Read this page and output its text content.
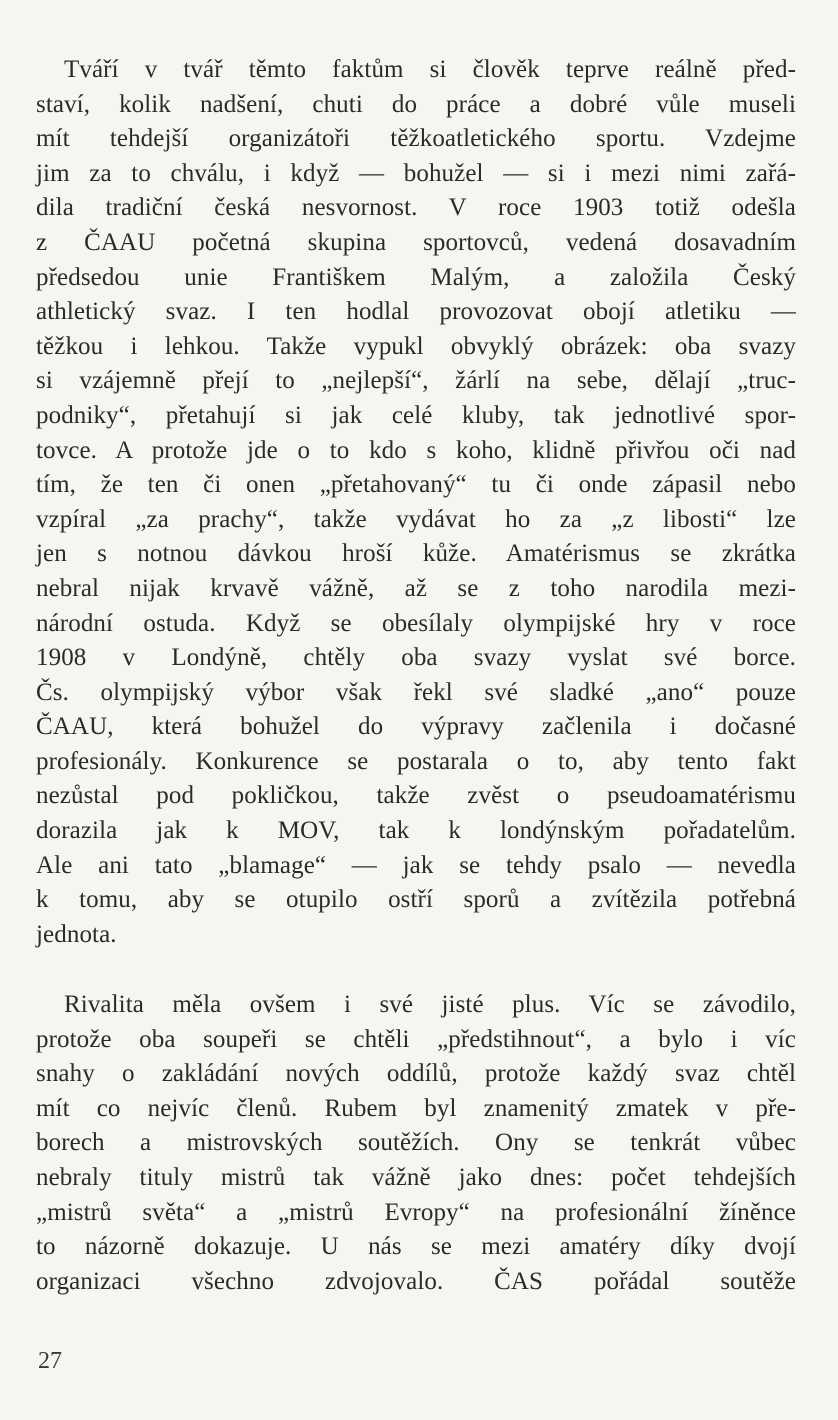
Tváří v tvář těmto faktům si člověk teprve reálně před-
staví, kolik nadšení, chuti do práce a dobré vůle museli
mít tehdejší organizátoři těžkoatletického sportu. Vzdejme
jim za to chválu, i když — bohužel — si i mezi nimi zařá-
dila tradiční česká nesvornost. V roce 1903 totiž odešla
z ČAAU početná skupina sportovců, vedená dosavadním
předsedou unie Františkem Malým, a založila Český
athletický svaz. I ten hodlal provozovat obojí atletiku —
těžkou i lehkou. Takže vypukl obvyklý obrázek: oba svazy
si vzájemně přejí to „nejlepší“, žárlí na sebe, dělají „truc-
podniky“, přetahují si jak celé kluby, tak jednotlivé spor-
tovce. A protože jde o to kdo s koho, klidně přivřou oči nad
tím, že ten či onen „přetahovaný“ tu či onde zápasil nebo
vzpíral „za prachy“, takže vydávat ho za „z libosti“ lze
jen s notnou dávkou hroší kůže. Amatérismus se zkrátka
nebral nijak krvavě vážně, až se z toho narodila mezi-
národní ostuda. Když se obesílaly olympijské hry v roce
1908 v Londýně, chtěly oba svazy vyslat své borce.
Čs. olympijský výbor však řekl své sladké „ano“ pouze
ČAAU, která bohužel do výpravy začlenila i dočasné
profesionály. Konkurence se postarala o to, aby tento fakt
nezůstal pod pokličkou, takže zvěst o pseudoamatérismu
dorazila jak k MOV, tak k londýnským pořadatelům.
Ale ani tato „blamage“ — jak se tehdy psalo — nevedla
k tomu, aby se otupilo ostří sporů a zvítězila potřebná
jednota.
Rivalita měla ovšem i své jisté plus. Víc se závodilo,
protože oba soupeři se chtěli „předstihnout“, a bylo i víc
snahy o zakládání nových oddílů, protože každý svaz chtěl
mít co nejvíc členů. Rubem byl znamenitý zmatek v pře-
borech a mistrovských soutěžích. Ony se tenkrát vůbec
nebraly tituly mistrů tak vážně jako dnes: počet tehdejších
„mistrů světa“ a „mistrů Evropy“ na profesionální žíněnce
to názorně dokazuje. U nás se mezi amatéry díky dvojí
organizaci všechno zdvojovalo. ČAS pořádal soutěže
27
